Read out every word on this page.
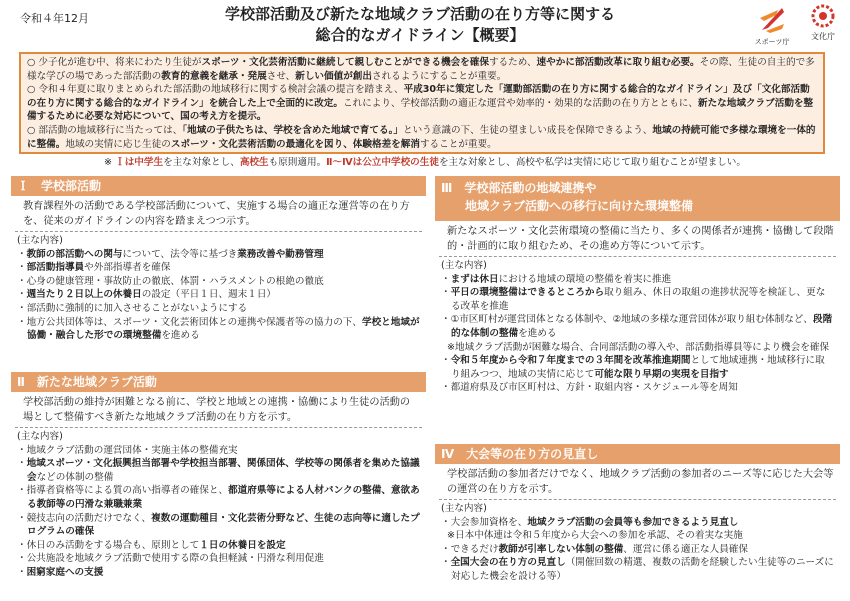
令和４年12月	学校部活動及び新たな地域クラブ活動の在り方等に関する
総合的なガイドライン【概要】	スポーツ庁
文化庁

○ 少子化が進む中、将来にわたり生徒がスポーツ・文化芸術活動に継続して親しむことができる機会を確保するため、速やかに部活動改革に取り組む必要。その際、生徒の自主的で多様な学びの場であった部活動の教育的意義を継承・発展させ、新しい価値が創出されるようにすることが重要。

○ 令和４年夏に取りまとめられた部活動の地域移行に関する検討会議の提言を踏まえ、平成30年に策定した「運動部活動の在り方に関する総合的なガイドライン」及び「文化部活動の在り方に関する総合的なガイドライン」を統合した上で全面的に改定。これにより、学校部活動の適正な運営や効率的・効果的な活動の在り方とともに、新たな地域クラブ活動を整備するために必要な対応について、国の考え方を提示。

○ 部活動の地域移行に当たっては、「地域の子供たちは、学校を含めた地域で育てる。」という意識の下、生徒の望ましい成長を保障できるよう、地域の持続可能で多様な環境を一体的に整備。地域の実情に応じ生徒のスポーツ・文化芸術活動の最適化を図り、体験格差を解消することが重要。

※ Ｉは中学生を主な対象とし、高校生も原則適用。Ⅱ～Ⅳは公立中学校の生徒を主な対象とし、高校や私学は実情に応じて取り組むことが望ましい。
Ｉ　学校部活動
教育課程外の活動である学校部活動について、実施する場合の適正な運営等の在り方を、従来のガイドラインの内容を踏まえつつ示す。
(主な内容)
・教師の部活動への関与について、法令等に基づき業務改善や勤務管理
・部活動指導員や外部指導者を確保
・心身の健康管理・事故防止の徹底、体罰・ハラスメントの根絶の徹底
・週当たり２日以上の休養日の設定（平日１日、週末１日）
・部活動に強制的に加入させることがないようにする
・地方公共団体等は、スポーツ・文化芸術団体との連携や保護者等の協力の下、学校と地域が協働・融合した形での環境整備を進める
Ⅱ　新たな地域クラブ活動
学校部活動の維持が困難となる前に、学校と地域との連携・協働により生徒の活動の場として整備すべき新たな地域クラブ活動の在り方を示す。
(主な内容)
・地域クラブ活動の運営団体・実施主体の整備充実
・地域スポーツ・文化振興担当部署や学校担当部署、関係団体、学校等の関係者を集めた協議会などの体制の整備
・指導者資格等による質の高い指導者の確保と、都道府県等による人材バンクの整備、意欲ある教師等の円滑な兼職兼業
・競技志向の活動だけでなく、複数の運動種目・文化芸術分野など、生徒の志向等に適したプログラムの確保
・休日のみ活動をする場合も、原則として１日の休養日を設定
・公共施設を地域クラブ活動で使用する際の負担軽減・円滑な利用促進
・困窮家庭への支援
Ⅲ　学校部活動の地域連携や
　　地域クラブ活動への移行に向けた環境整備
新たなスポーツ・文化芸術環境の整備に当たり、多くの関係者が連携・協働して段階的・計画的に取り組むため、その進め方等について示す。
(主な内容)
・まずは休日における地域の環境の整備を着実に推進
・平日の環境整備はできるところから取り組み、休日の取組の進捗状況等を検証し、更なる改革を推進
・①市区町村が運営団体となる体制や、②地域の多様な運営団体が取り組む体制など、段階的な体制の整備を進める
※地域クラブ活動が困難な場合、合同部活動の導入や、部活動指導員等により機会を確保
・令和５年度から令和７年度までの３年間を改革推進期間として地域連携・地域移行に取り組みつつ、地域の実情に応じて可能な限り早期の実現を目指す
・都道府県及び市区町村は、方針・取組内容・スケジュール等を周知
Ⅳ　大会等の在り方の見直し
学校部活動の参加者だけでなく、地域クラブ活動の参加者のニーズ等に応じた大会等の運営の在り方を示す。
(主な内容)
・大会参加資格を、地域クラブ活動の会員等も参加できるよう見直し
※日本中体連は令和５年度から大会への参加を承認、その着実な実施
・できるだけ教師が引率しない体制の整備、運営に係る適正な人員確保
・全国大会の在り方の見直し（開催回数の精選、複数の活動を経験したい生徒等のニーズに対応した機会を設ける等）
